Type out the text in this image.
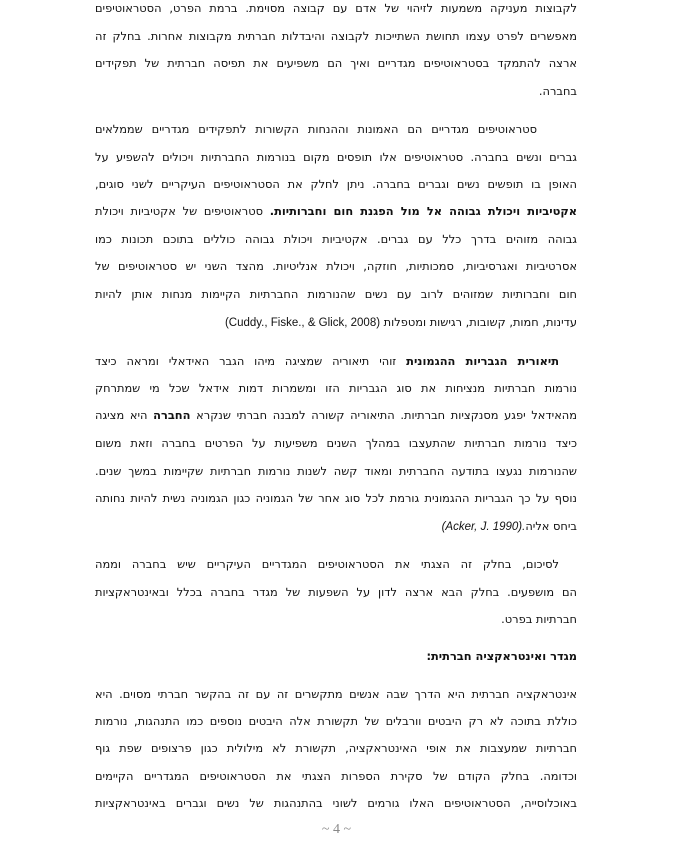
לקבוצות מעניקה משמעות לזיהוי של אדם עם קבוצה מסוימת. ברמת הפרט, הסטראוטיפים
מאפשרים לפרט עצמו תחושת השתייכות לקבוצה והיבדלות חברתית מקבוצות אחרות. בחלק זה
ארצה להתמקד בסטראוטיפים מגדריים ואיך הם משפיעים את תפיסה חברתית של תפקידים
בחברה.
סטראוטיפים מגדריים הם האמונות וההנחות הקשורות לתפקידים מגדריים שממלאים
גברים ונשים בחברה. סטראוטיפים אלו תופסים מקום בנורמות החברתיות ויכולים להשפיע על
האופן בו תופשים נשים וגברים בחברה. ניתן לחלק את הסטראוטיפים העיקריים לשני סוגים,
אקטיביות ויכולת גבוהה אל מול הפגנת חום וחברותיות. סטראוטיפים של אקטיביות ויכולת
גבוהה מזוהים בדרך כלל עם גברים. אקטיביות ויכולת גבוהה כוללים בתוכם תכונות כמו
אסרטיביות ואגרסיביות, סמכותיות, חוזקה, ויכולת אנליטיות. מהצד השני יש סטראוטיפים של
חום וחברותיות שמזוהים לרוב עם נשים שהנורמות החברתיות הקיימות מנחות אותן להיות
עדינות, חמות, קשובות, רגישות ומטפלות (Cuddy., Fiske., & Glick, 2008)
תיאורית הגבריות ההגמונית זוהי תיאוריה שמציגה מיהו הגבר האידאלי ומראה כיצד
נורמות חברתיות מנציחות את סוג הגבריות הזו ומשמרות דמות אידאל שכל מי שמתרחק
מהאידאל יפגע מסנקציות חברתיות. התיאוריה קשורה למבנה חברתי שנקרא החברה היא מציגה
כיצד נורמות חברתיות שהתעצבו במהלך השנים משפיעות על הפרטים בחברה וזאת משום
שהנורמות נגעצו בתודעה החברתית ומאוד קשה לשנות נורמות חברתיות שקיימות במשך שנים.
נוסף על כך הגבריות ההגמונית גורמת לכל סוג אחר של הגמוניה כגון הגמוניה נשית להיות נחותה
ביחס אליה(Acker, J. 1990).
לסיכום, בחלק זה הצגתי את הסטראוטיפים המגדריים העיקריים שיש בחברה וממה
הם מושפעים. בחלק הבא ארצה לדון על השפעות של מגדר בחברה בכלל ובאינטראקציות
חברתיות בפרט.
מגדר ואינטראקציה חברתית:
אינטראקציה חברתית היא הדרך שבה אנשים מתקשרים זה עם זה בהקשר חברתי מסוים. היא
כוללת בתוכה לא רק היבטים וורבלים של תקשורת אלה היבטים נוספים כמו התנהגות, נורמות
חברתיות שמעצבות את אופי האינטראקציה, תקשורת לא מילולית כגון פרצופים שפת גוף
וכדומה. בחלק הקודם של סקירת הספרות הצגתי את הסטראוטיפים המגדריים הקיימים
באוכלוסייה, הסטראוטיפים האלו גורמים לשוני בהתנהגות של נשים וגברים באינטראקציות
~ 4 ~
